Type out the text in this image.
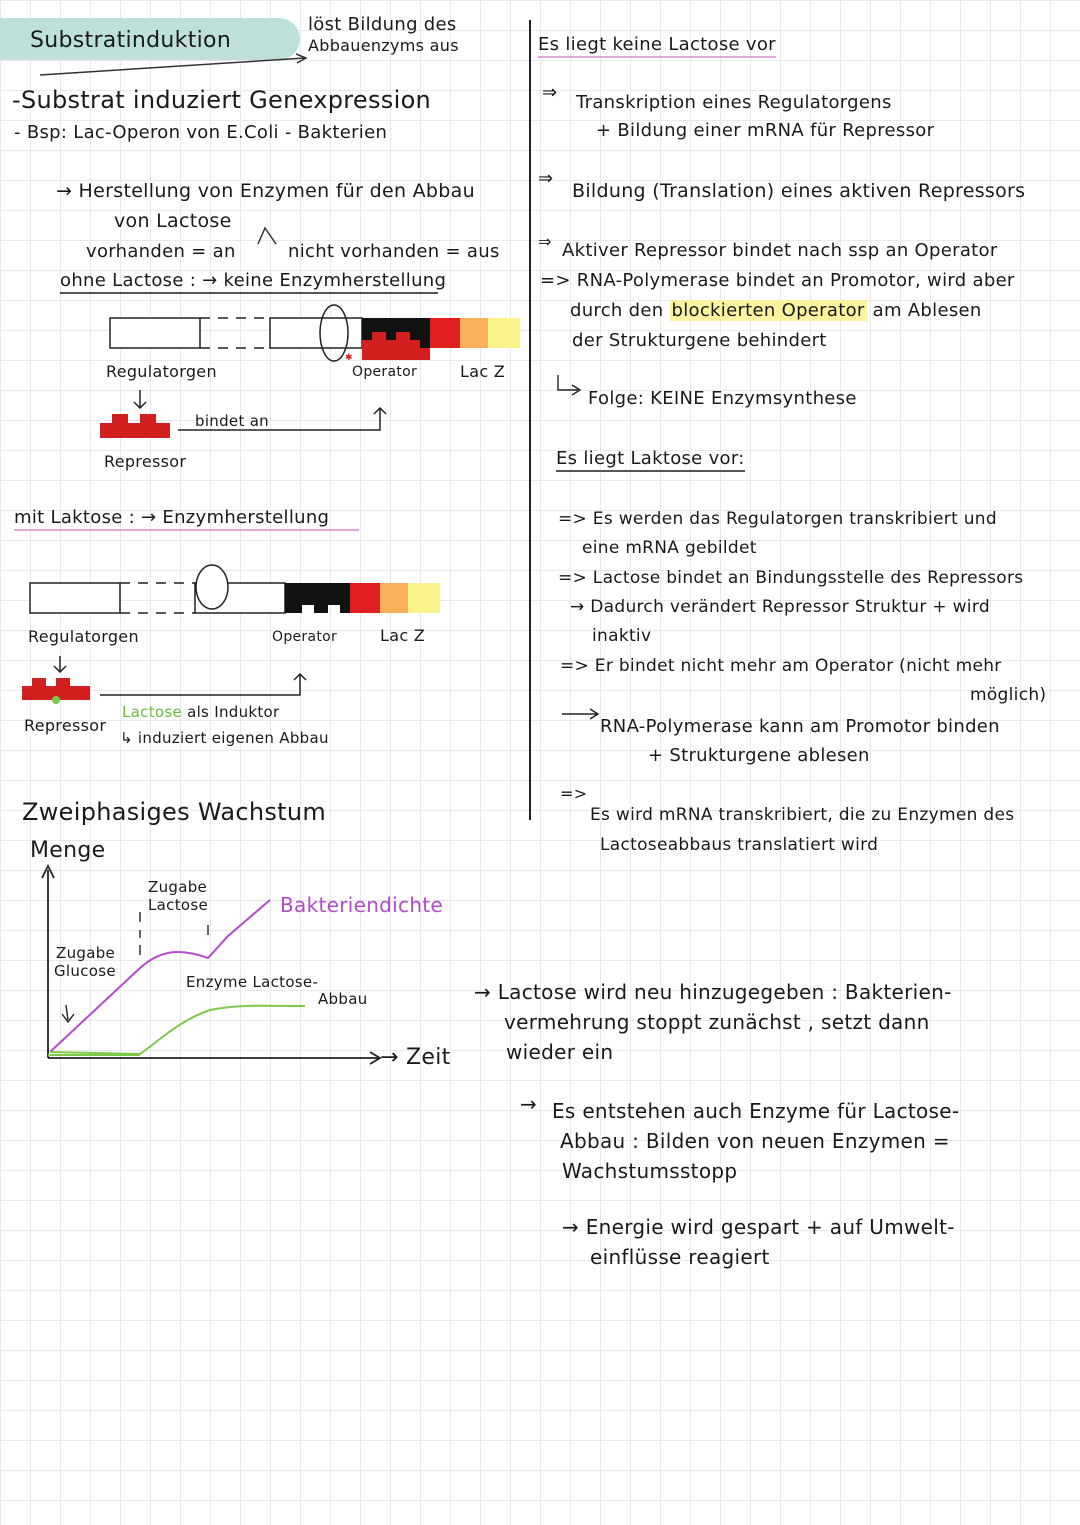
✱
Substratinduktion
löst Bildung des
Abbauenzyms aus
-Substrat induziert Genexpression
- Bsp: Lac-Operon von E.Coli - Bakterien
→ Herstellung von Enzymen für den Abbau
von Lactose
vorhanden = an	nicht vorhanden = aus
ohne Lactose : → keine Enzymherstellung
Regulatorgen	Operator	Lac Z
bindet an
Repressor
mit Laktose : → Enzymherstellung
Regulatorgen	Operator	Lac Z
Repressor
Lactose als Induktor
↳ induziert eigenen Abbau
Zweiphasiges Wachstum
Menge
→ Zeit
Zugabe
Lactose
Zugabe
Glucose
Bakteriendichte
Enzyme Lactose-
Abbau
Es liegt keine Lactose vor
⇒ Transkription eines Regulatorgens
+ Bildung einer mRNA für Repressor
⇒
Bildung (Translation) eines aktiven Repressors
⇒ Aktiver Repressor bindet nach ssp an Operator
=> RNA-Polymerase bindet an Promotor, wird aber
durch den blockierten Operator am Ablesen
der Strukturgene behindert
Folge: KEINE Enzymsynthese
Es liegt Laktose vor:
=> Es werden das Regulatorgen transkribiert und
eine mRNA gebildet
=> Lactose bindet an Bindungsstelle des Repressors
→ Dadurch verändert Repressor Struktur + wird
inaktiv
=> Er bindet nicht mehr am Operator (nicht mehr
möglich)
RNA-Polymerase kann am Promotor binden
+ Strukturgene ablesen
=>
Es wird mRNA transkribiert, die zu Enzymen des
Lactoseabbaus translatiert wird
→ Lactose wird neu hinzugegeben : Bakterien-
vermehrung stoppt zunächst , setzt dann
wieder ein
→ Es entstehen auch Enzyme für Lactose-
Abbau : Bilden von neuen Enzymen =
Wachstumsstopp
→ Energie wird gespart + auf Umwelt-
einflüsse reagiert
